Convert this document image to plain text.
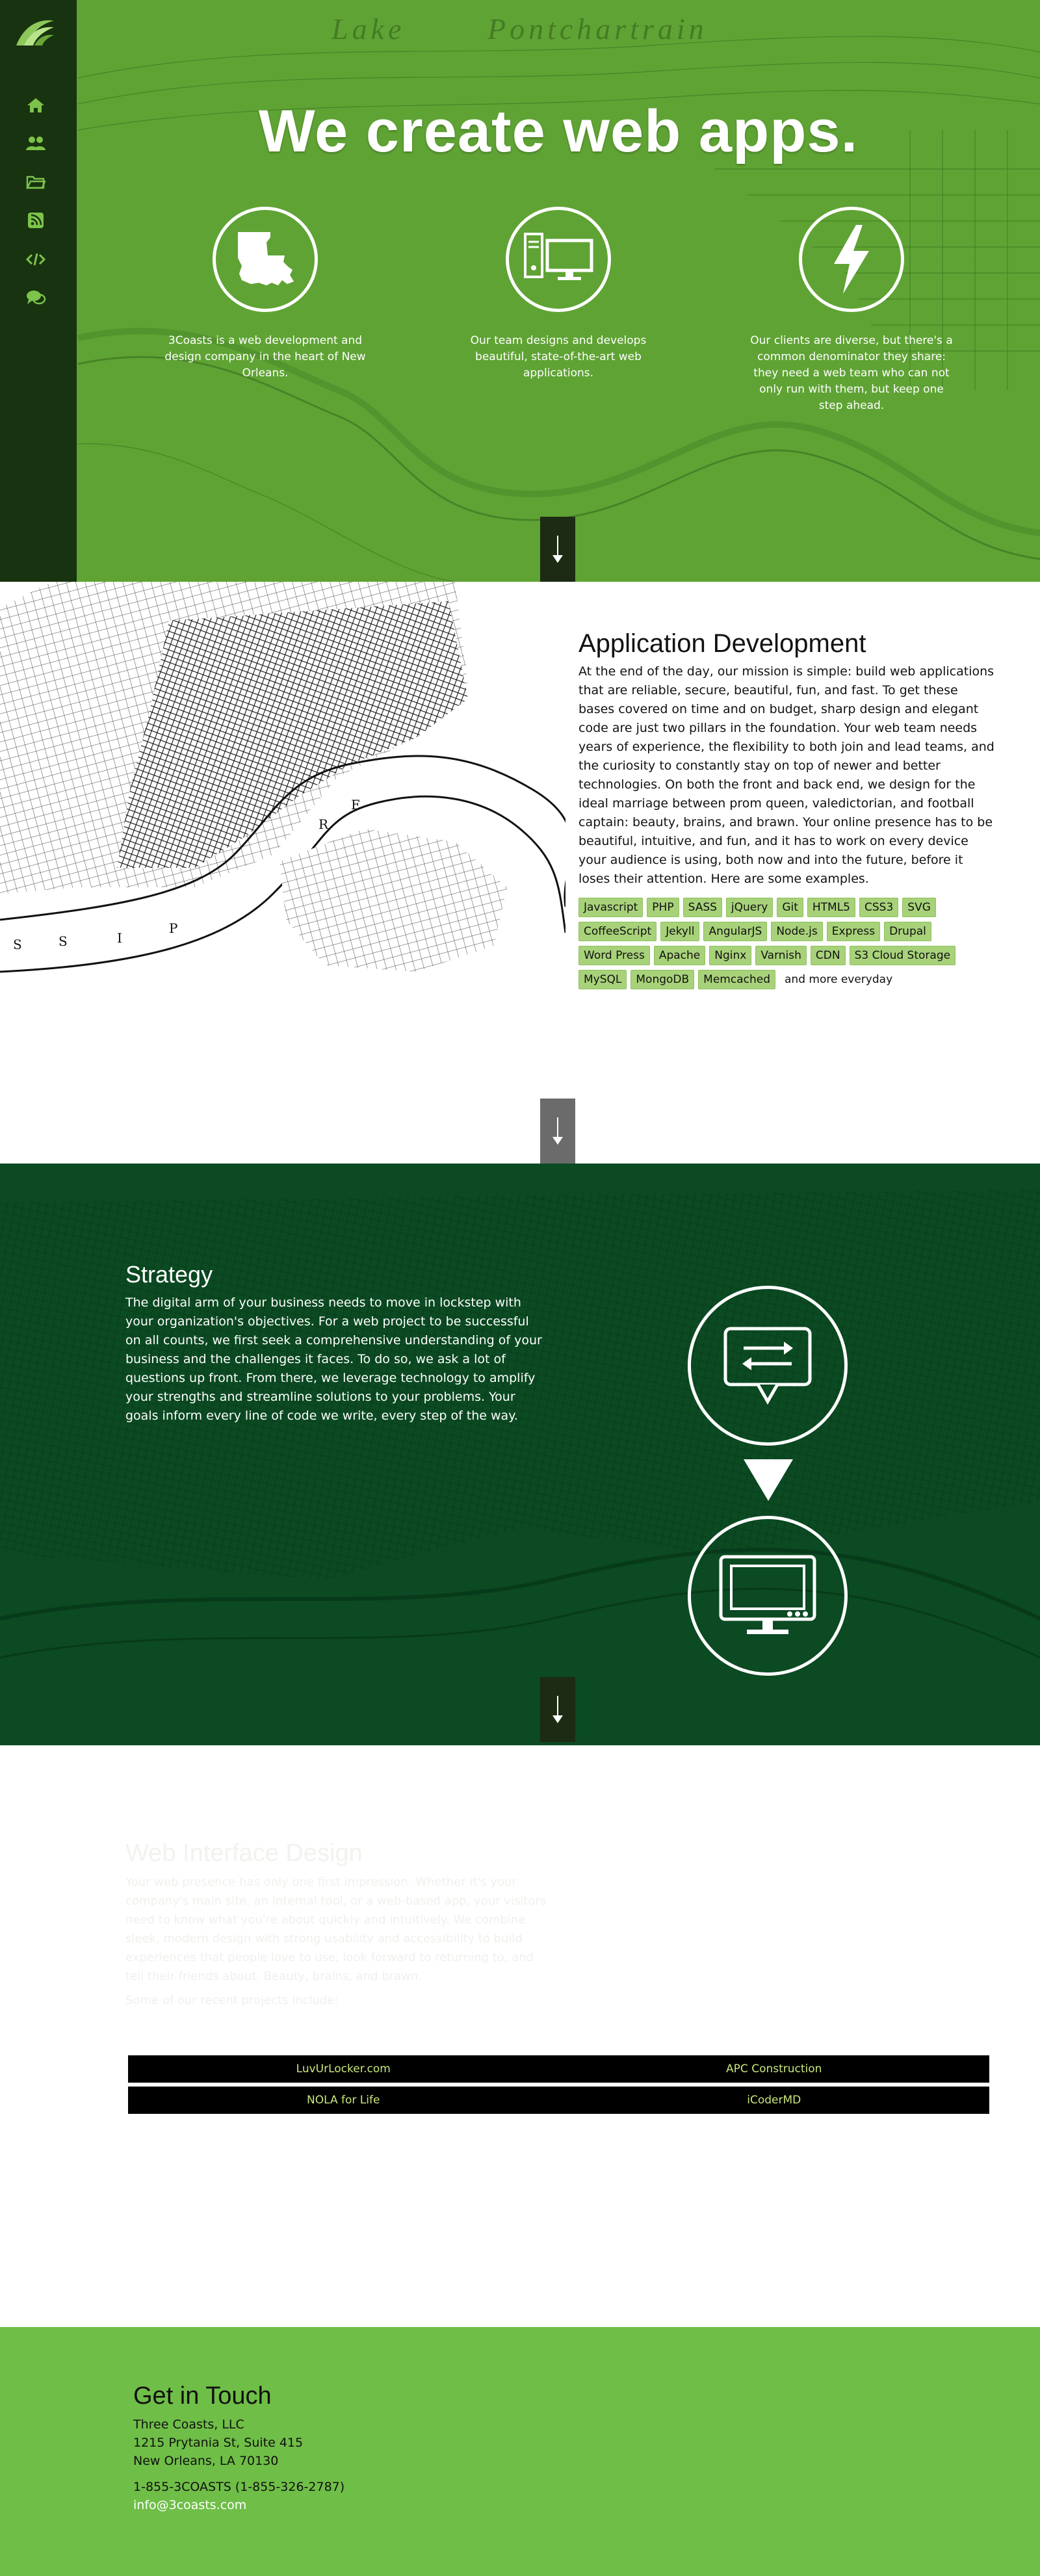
Lake	Pontchartrain
We create web apps.
3Coasts is a web development and design company in the heart of New Orleans.
Our team designs and develops beautiful, state-of-the-art web applications.
Our clients are diverse, but there's a common denominator they share: they need a web team who can not only run with them, but keep one step ahead.
S	S	I
P
R
E
Application Development

At the end of the day, our mission is simple: build web applications that are reliable, secure, beautiful, fun, and fast. To get these bases covered on time and on budget, sharp design and elegant code are just two pillars in the foundation. Your web team needs years of experience, the flexibility to both join and lead teams, and the curiosity to constantly stay on top of newer and better technologies. On both the front and back end, we design for the ideal marriage between prom queen, valedictorian, and football captain: beauty, brains, and brawn. Your online presence has to be beautiful, intuitive, and fun, and it has to work on every device your audience is using, both now and into the future, before it loses their attention. Here are some examples.

Javascript	PHP	SASS	jQuery	Git	HTML5	CSS3	SVG
CoffeeScript	Jekyll	AngularJS	Node.js	Express	Drupal
Word Press	Apache	Nginx	Varnish	CDN	S3 Cloud Storage
MySQL	MongoDB	Memcached	and more everyday
Strategy

The digital arm of your business needs to move in lockstep with your organization's objectives. For a web project to be successful on all counts, we first seek a comprehensive understanding of your business and the challenges it faces. To do so, we ask a lot of questions up front. From there, we leverage technology to amplify your strengths and streamline solutions to your problems. Your goals inform every line of code we write, every step of the way.

Web Interface Design

Your web presence has only one first impression. Whether it's your company's main site, an internal tool, or a web-based app, your visitors need to know what you're about quickly and intuitively. We combine sleek, modern design with strong usability and accessibility to build experiences that people love to use, look forward to returning to, and tell their friends about. Beauty, brains, and brawn.

Some of our recent projects include:
LuvUrLocker.com	APC Construction
NOLA for Life	iCoderMD
Get in Touch
Three Coasts, LLC
1215 Prytania St, Suite 415
New Orleans, LA 70130
1-855-3COASTS (1-855-326-2787)
info@3coasts.com
